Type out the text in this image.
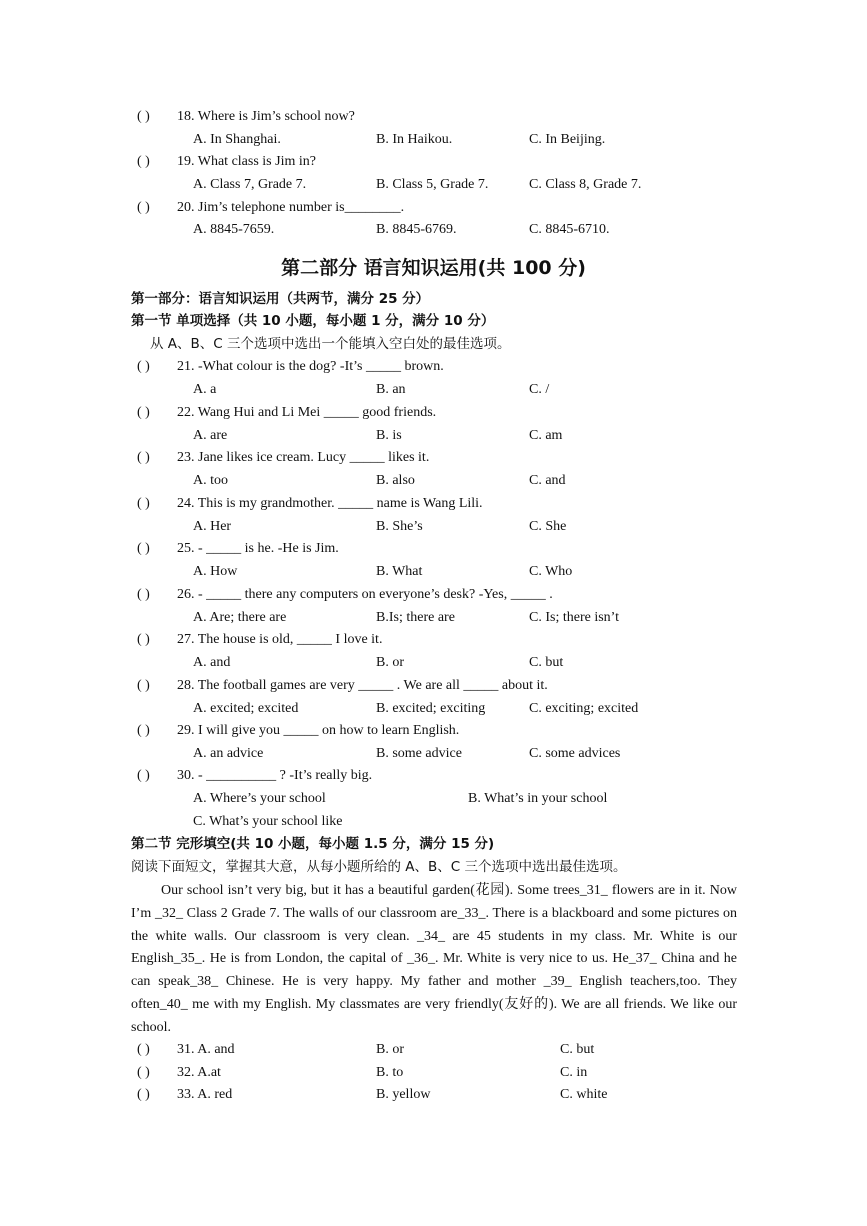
( ) 18. Where is Jim’s school now?
A. In Shanghai.	B. In Haikou.	C. In Beijing.
( ) 19. What class is Jim in?
A. Class 7, Grade 7.	B. Class 5, Grade 7.	C. Class 8, Grade 7.
( ) 20. Jim’s telephone number is________.
A. 8845-7659.	B. 8845-6769.	C. 8845-6710.
第二部分 语言知识运用(共 100 分)
第一部分：语言知识运用（共两节，满分 25 分）
第一节 单项选择（共 10 小题，每小题 1 分，满分 10 分）
从 A、B、C 三个选项中选出一个能填入空白处的最佳选项。
( ) 21. -What colour is the dog? -It’s _____ brown.
A. a	B. an	C. /
( ) 22. Wang Hui and Li Mei _____ good friends.
A. are	B. is	C. am
( ) 23. Jane likes ice cream. Lucy _____ likes it.
A. too	B. also	C. and
( ) 24. This is my grandmother. _____ name is Wang Lili.
A. Her	B. She’s	C. She
( ) 25. - _____ is he. -He is Jim.
A. How	B. What	C. Who
( ) 26. - _____ there any computers on everyone’s desk? -Yes, _____ .
A. Are; there are	B.Is; there are	C. Is; there isn’t
( ) 27. The house is old, _____ I love it.
A. and	B. or	C. but
( ) 28. The football games are very _____ . We are all _____ about it.
A. excited; excited	B. excited; exciting	C. exciting; excited
( ) 29. I will give you _____ on how to learn English.
A. an advice	B. some advice	C. some advices
( ) 30. - __________ ? -It’s really big.
A. Where’s your school	B. What’s in your school
C. What’s your school like
第二节 完形填空(共 10 小题，每小题 1.5 分，满分 15 分)
阅读下面短文，掌握其大意，从每小题所给的 A、B、C 三个选项中选出最佳选项。
Our school isn’t very big, but it has a beautiful garden(花园). Some trees_31_ flowers are in it. Now I’m _32_ Class 2 Grade 7. The walls of our classroom are_33_. There is a blackboard and some pictures on the white walls. Our classroom is very clean. _34_ are 45 students in my class. Mr. White is our English_35_. He is from London, the capital of _36_. Mr. White is very nice to us. He_37_ China and he can speak_38_ Chinese. He is very happy. My father and mother _39_ English teachers,too. They often_40_ me with my English. My classmates are very friendly(友好的). We are all friends. We like our school.
( ) 31. A. and	B. or	C. but
( ) 32. A.at	B. to	C. in
( ) 33. A. red	B. yellow	C. white
